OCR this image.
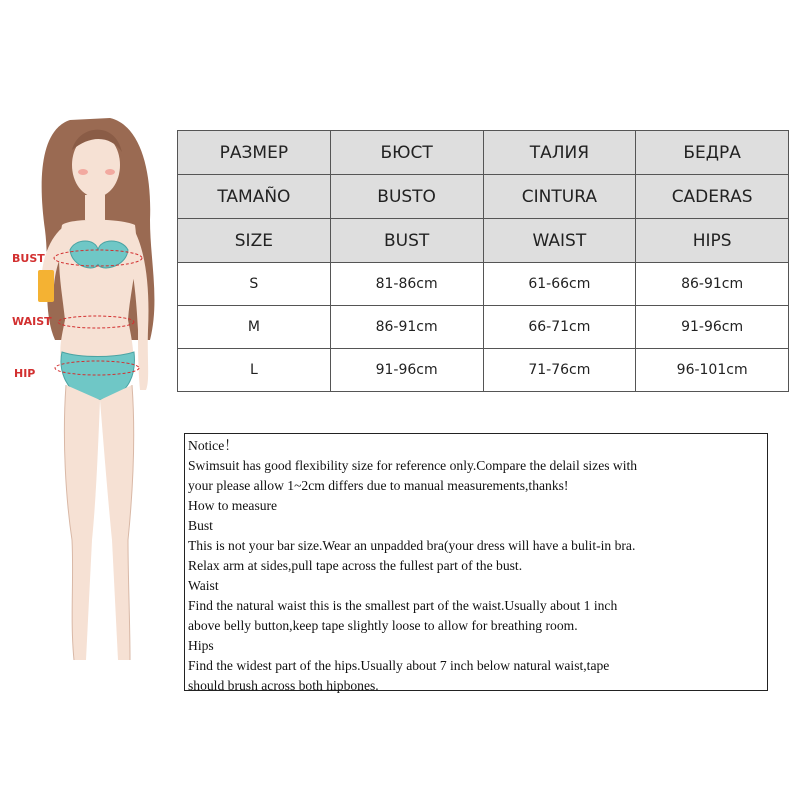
BUST
WAIST
HIP
РАЗМЕР	БЮСТ	ТАЛИЯ	БЕДРА
TAMAÑO	BUSTO	CINTURA	CADERAS
SIZE	BUST	WAIST	HIPS
S	81-86cm	61-66cm	86-91cm
M	86-91cm	66-71cm	91-96cm
L	91-96cm	71-76cm	96-101cm
Notice！
Swimsuit has good flexibility size for reference only.Compare the delail sizes with
your please allow 1~2cm differs due to manual measurements,thanks!
How to measure
Bust
This is not your bar size.Wear an unpadded bra(your dress will have a bulit-in bra.
Relax arm at sides,pull tape across the fullest part of the bust.
Waist
Find the natural waist this is the smallest part of the waist.Usually about 1 inch
above belly button,keep tape slightly loose to allow for breathing room.
Hips
Find the widest part of the hips.Usually about 7 inch below natural waist,tape
should brush across both hipbones.
